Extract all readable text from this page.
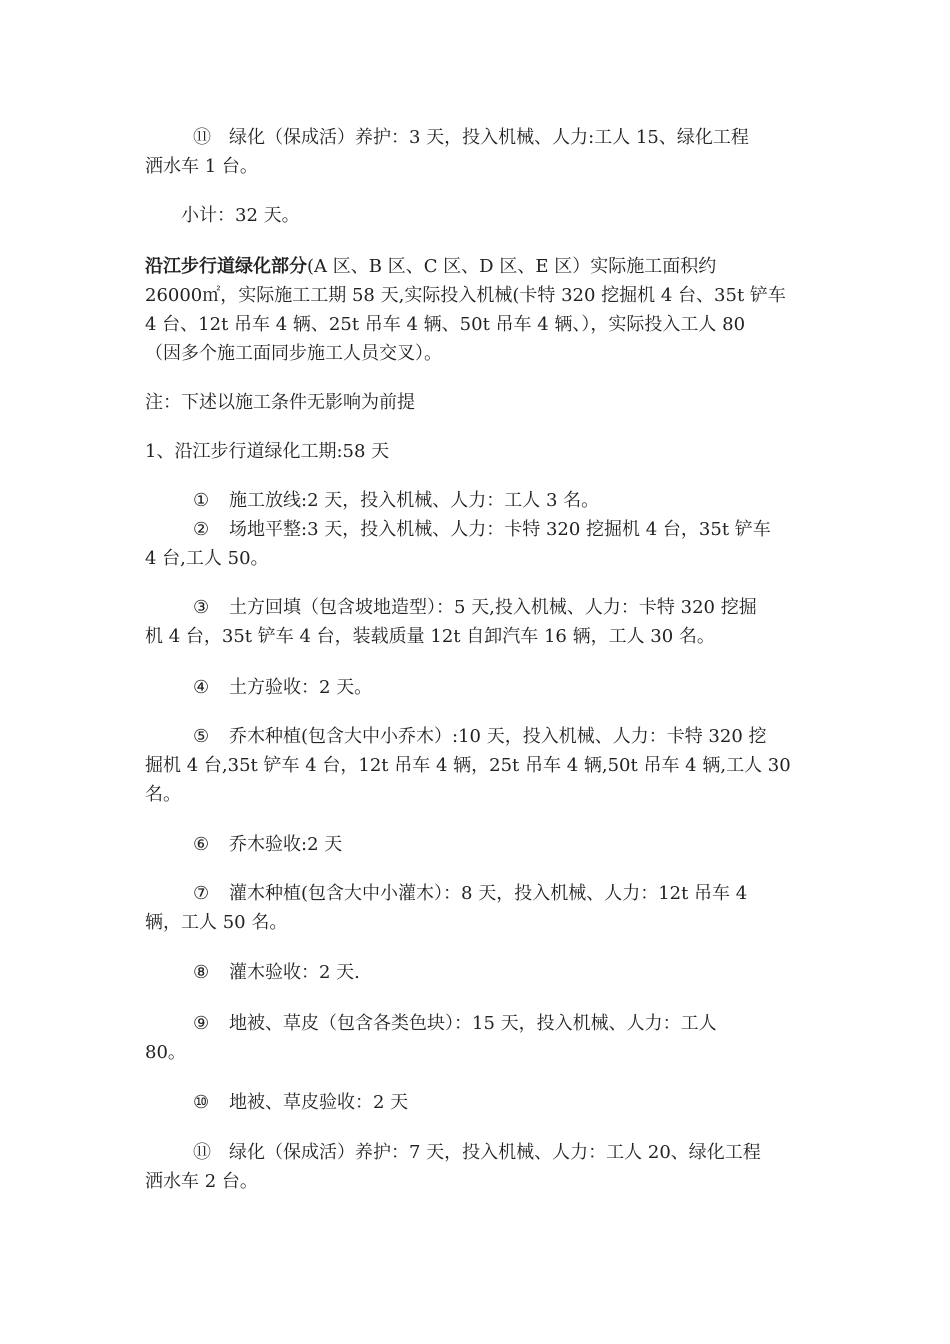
⑪ 绿化（保成活）养护：3 天，投入机械、人力:工人 15、绿化工程
洒水车 1 台。
小计：32 天。
沿江步行道绿化部分(A 区、B 区、C 区、D 区、E 区）实际施工面积约
26000㎡，实际施工工期 58 天,实际投入机械(卡特 320 挖掘机 4 台、35t 铲车
4 台、12t 吊车 4 辆、25t 吊车 4 辆、50t 吊车 4 辆、），实际投入工人 80
（因多个施工面同步施工人员交叉）。
注：下述以施工条件无影响为前提
1、沿江步行道绿化工期:58 天
① 施工放线:2 天，投入机械、人力：工人 3 名。
② 场地平整:3 天，投入机械、人力：卡特 320 挖掘机 4 台，35t 铲车
4 台,工人 50。
③ 土方回填（包含坡地造型）：5 天,投入机械、人力：卡特 320 挖掘
机 4 台，35t 铲车 4 台，装载质量 12t 自卸汽车 16 辆，工人 30 名。
④ 土方验收：2 天。
⑤ 乔木种植(包含大中小乔木）:10 天，投入机械、人力：卡特 320 挖
掘机 4 台,35t 铲车 4 台，12t 吊车 4 辆，25t 吊车 4 辆,50t 吊车 4 辆,工人 30
名。
⑥ 乔木验收:2 天
⑦ 灌木种植(包含大中小灌木）：8 天，投入机械、人力：12t 吊车 4
辆，工人 50 名。
⑧ 灌木验收：2 天.
⑨ 地被、草皮（包含各类色块）：15 天，投入机械、人力：工人
80。
⑩ 地被、草皮验收：2 天
⑪ 绿化（保成活）养护：7 天，投入机械、人力：工人 20、绿化工程
洒水车 2 台。
